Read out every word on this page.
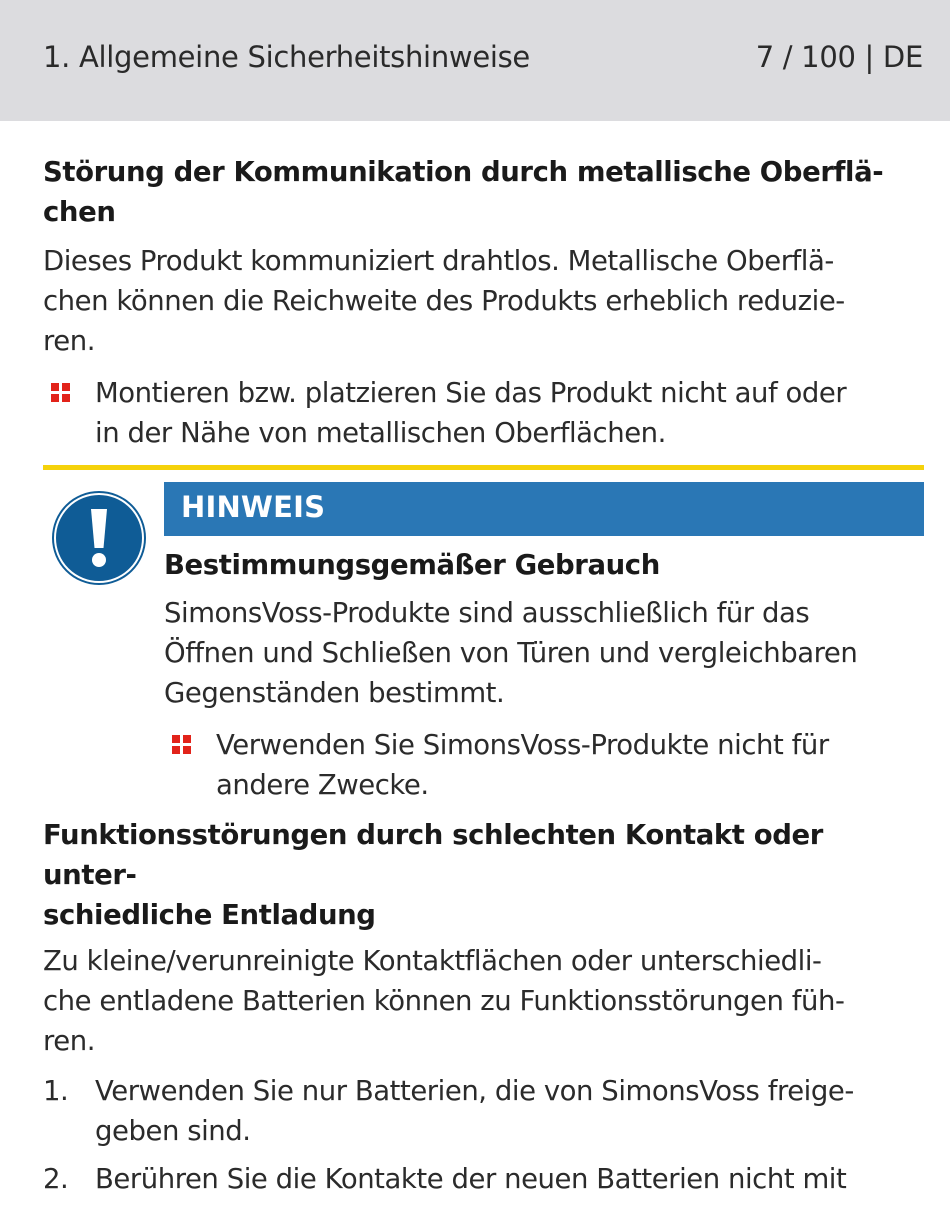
1. Allgemeine Sicherheitshinweise	7 / 100 | DE
Störung der Kommunikation durch metallische Oberflä-
chen
Dieses Produkt kommuniziert drahtlos. Metallische Oberflä-
chen können die Reichweite des Produkts erheblich reduzie-
ren.
Montieren bzw. platzieren Sie das Produkt nicht auf oder
in der Nähe von metallischen Oberflächen.
HINWEIS
Bestimmungsgemäßer Gebrauch
SimonsVoss-Produkte sind ausschließlich für das
Öffnen und Schließen von Türen und vergleichbaren
Gegenständen bestimmt.
Verwenden Sie SimonsVoss-Produkte nicht für
andere Zwecke.
Funktionsstörungen durch schlechten Kontakt oder unter-
schiedliche Entladung
Zu kleine/verunreinigte Kontaktflächen oder unterschiedli-
che entladene Batterien können zu Funktionsstörungen füh-
ren.
1. Verwenden Sie nur Batterien, die von SimonsVoss freige-
geben sind.
2. Berühren Sie die Kontakte der neuen Batterien nicht mit
